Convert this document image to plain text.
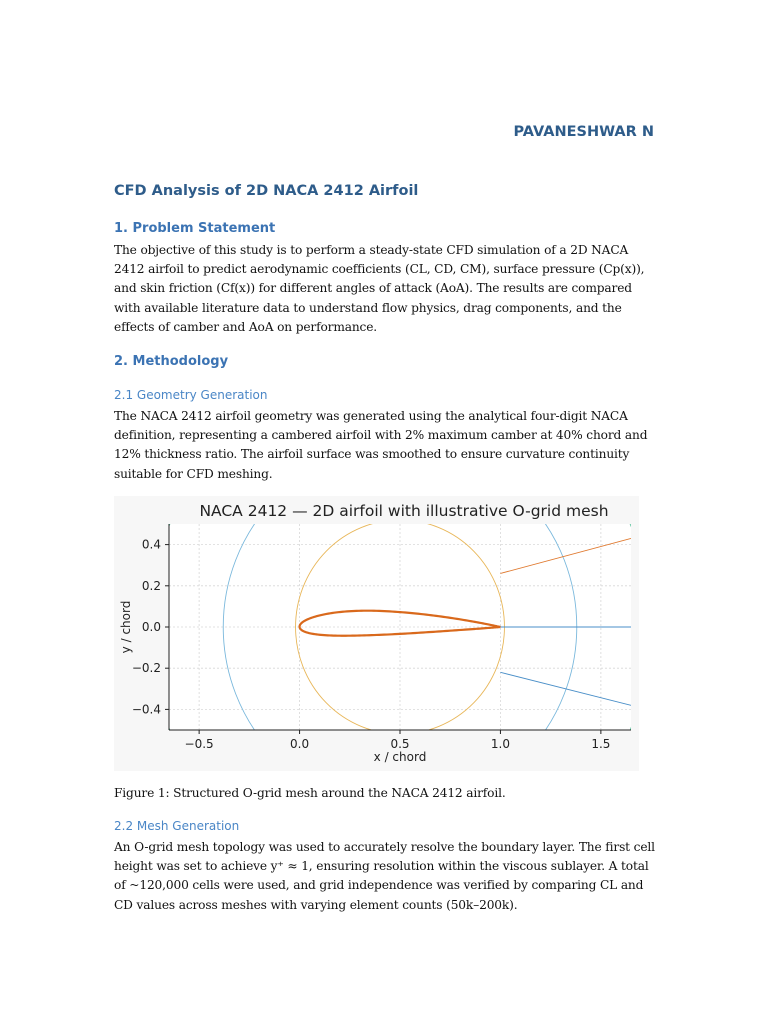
PAVANESHWAR N
CFD Analysis of 2D NACA 2412 Airfoil
1. Problem Statement
The objective of this study is to perform a steady-state CFD simulation of a 2D NACA 2412 airfoil to predict aerodynamic coefficients (CL, CD, CM), surface pressure (Cp(x)), and skin friction (Cf(x)) for different angles of attack (AoA). The results are compared with available literature data to understand flow physics, drag components, and the effects of camber and AoA on performance.
2. Methodology
2.1 Geometry Generation
The NACA 2412 airfoil geometry was generated using the analytical four-digit NACA definition, representing a cambered airfoil with 2% maximum camber at 40% chord and 12% thickness ratio. The airfoil surface was smoothed to ensure curvature continuity suitable for CFD meshing.
−0.5	0.0	0.5	1.0	1.5
0.4
0.2
0.0
−0.2
−0.4
NACA 2412 — 2D airfoil with illustrative O-grid mesh
x / chord
y / chord
Figure 1: Structured O-grid mesh around the NACA 2412 airfoil.
2.2 Mesh Generation
An O-grid mesh topology was used to accurately resolve the boundary layer. The first cell height was set to achieve y⁺ ≈ 1, ensuring resolution within the viscous sublayer. A total of ~120,000 cells were used, and grid independence was verified by comparing CL and CD values across meshes with varying element counts (50k–200k).
